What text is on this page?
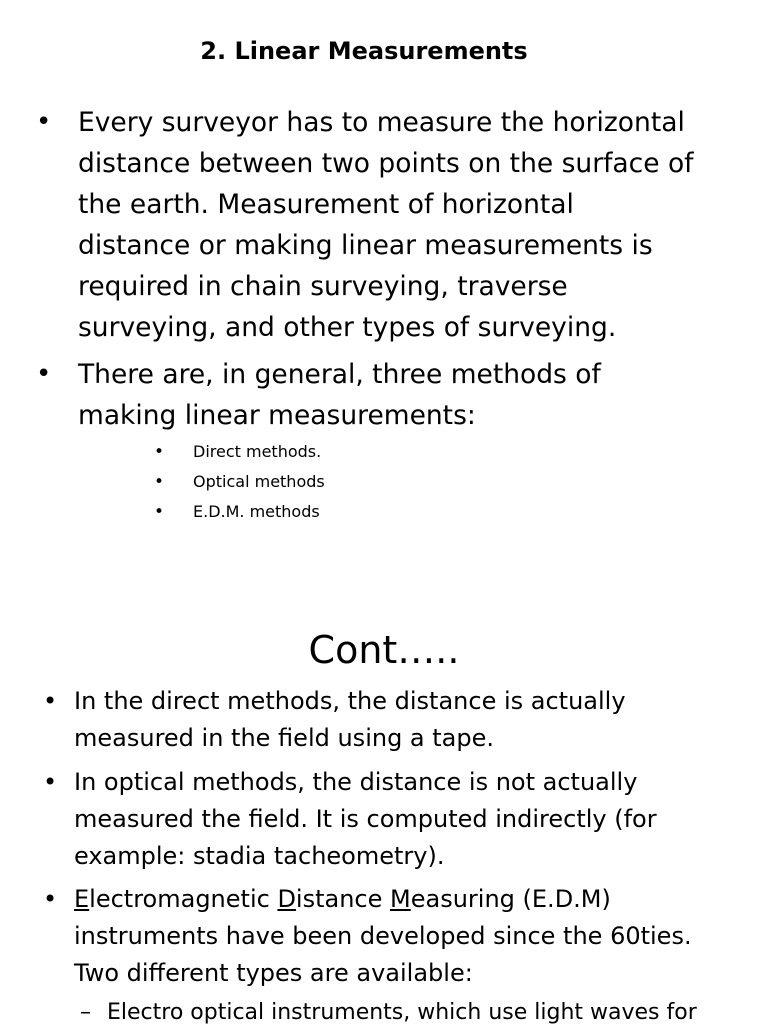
2. Linear Measurements
• Every surveyor has to measure the horizontal
distance between two points on the surface of
the earth. Measurement of horizontal
distance or making linear measurements is
required in chain surveying, traverse
surveying, and other types of surveying.
• There are, in general, three methods of
making linear measurements:
• Direct methods.
• Optical methods
• E.D.M. methods
Cont…..
• In the direct methods, the distance is actually
measured in the field using a tape.
• In optical methods, the distance is not actually
measured the field. It is computed indirectly (for
example: stadia tacheometry).
• Electromagnetic Distance Measuring (E.D.M)
instruments have been developed since the 60ties.
Two different types are available:
– Electro optical instruments, which use light waves for
